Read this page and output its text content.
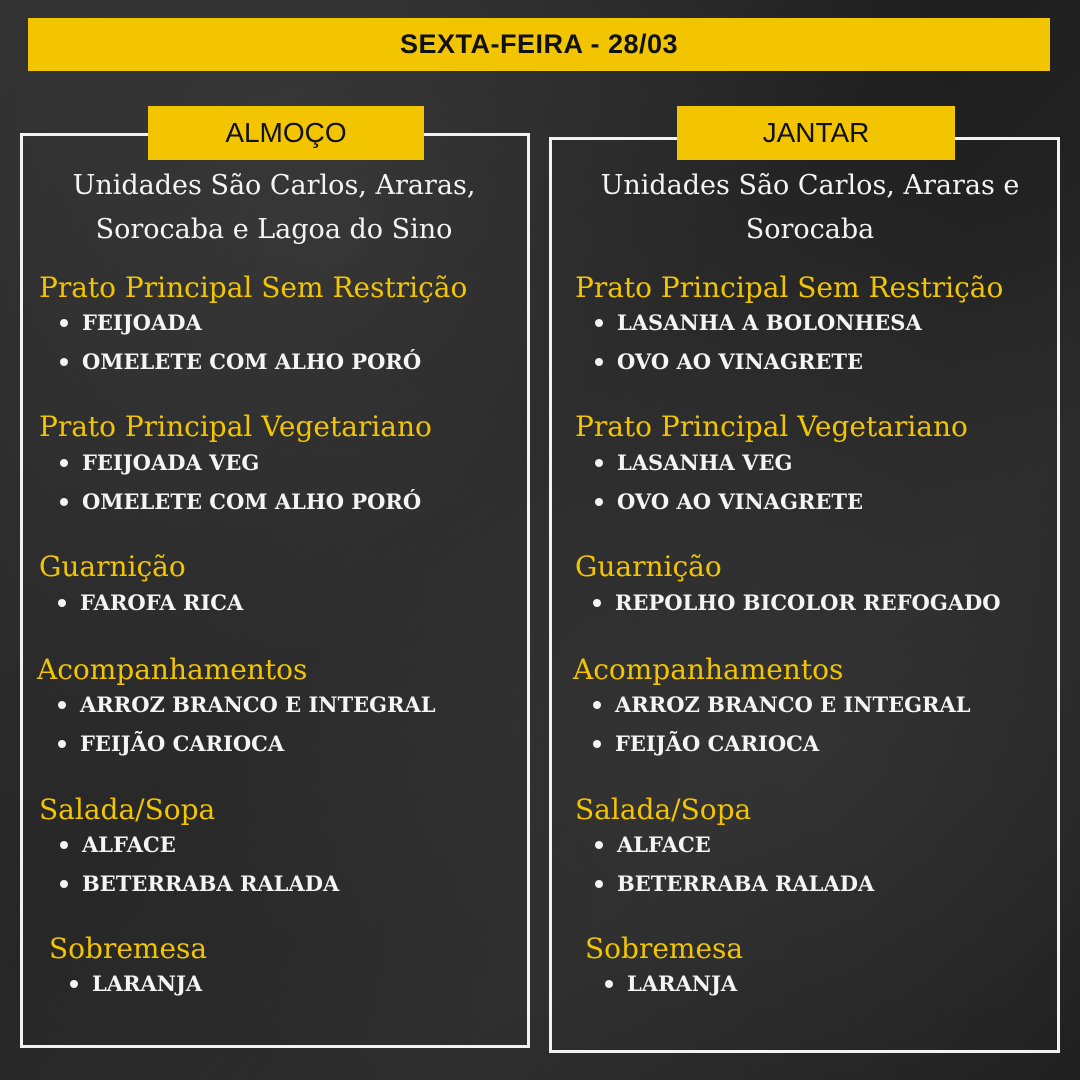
SEXTA-FEIRA - 28/03
ALMOÇO	JANTAR
Unidades São Carlos, Araras,
Sorocaba e Lagoa do Sino
Unidades São Carlos, Araras e
Sorocaba
Prato Principal Sem Restrição
FEIJOADA
OMELETE COM ALHO PORÓ
Prato Principal Vegetariano
FEIJOADA VEG
OMELETE COM ALHO PORÓ
Guarnição
FAROFA RICA
Acompanhamentos
ARROZ BRANCO E INTEGRAL
FEIJÃO CARIOCA
Salada/Sopa
ALFACE
BETERRABA RALADA
Sobremesa
LARANJA
Prato Principal Sem Restrição
LASANHA A BOLONHESA
OVO AO VINAGRETE
Prato Principal Vegetariano
LASANHA VEG
OVO AO VINAGRETE
Guarnição
REPOLHO BICOLOR REFOGADO
Acompanhamentos
ARROZ BRANCO E INTEGRAL
FEIJÃO CARIOCA
Salada/Sopa
ALFACE
BETERRABA RALADA
Sobremesa
LARANJA
